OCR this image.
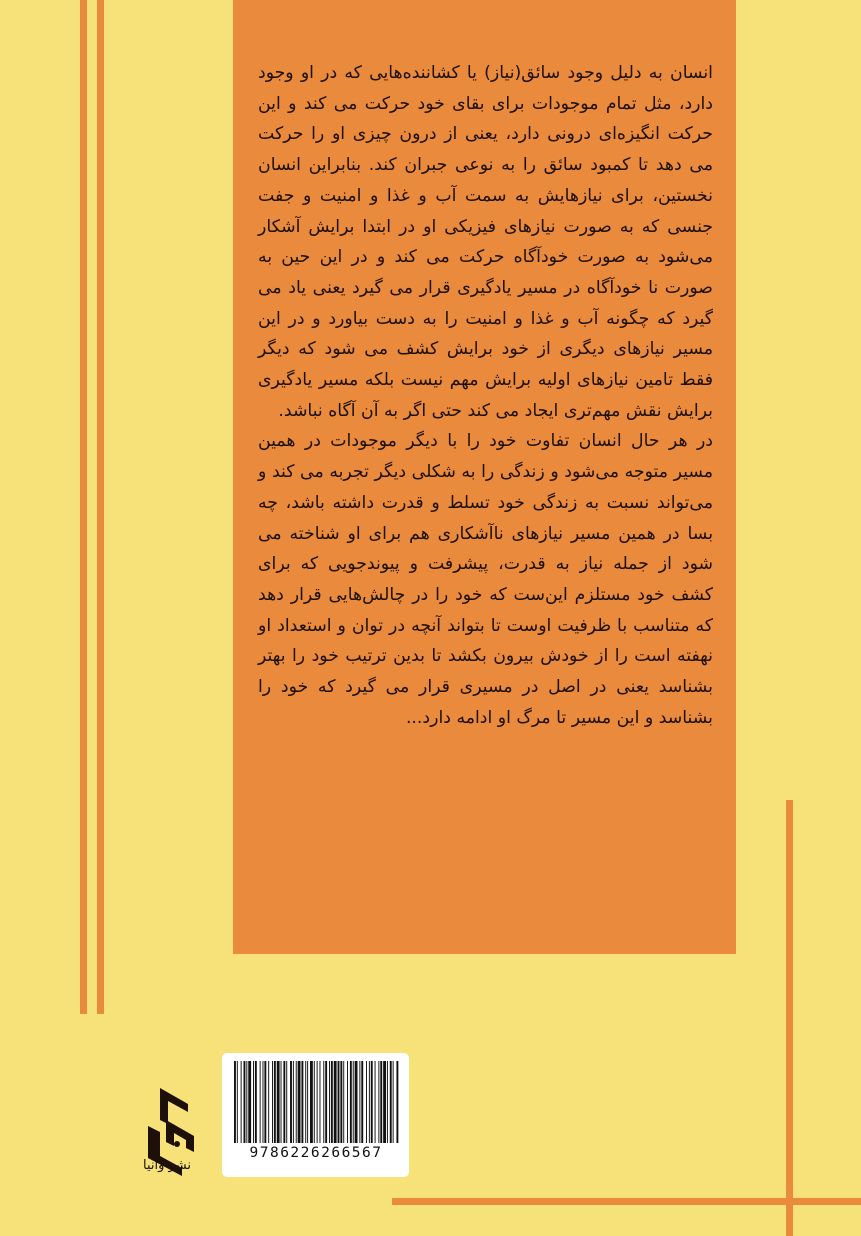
انسان به دلیل وجود سائق(نیاز) یا کشاننده‌هایی که در او وجود دارد، مثل تمام موجودات برای بقای خود حرکت می کند و این حرکت انگیزه‌ای درونی دارد، یعنی از درون چیزی او را حرکت می دهد تا کمبود سائق را به نوعی جبران کند. بنابراین انسان نخستین، برای نیازهایش به سمت آب و غذا و امنیت و جفت جنسی که به صورت نیازهای فیزیکی او در ابتدا برایش آشکار می‌شود به صورت خودآگاه حرکت می کند و در این حین به صورت نا خودآگاه در مسیر یادگیری قرار می گیرد یعنی یاد می گیرد که چگونه آب و غذا و امنیت را به دست بیاورد و در این مسیر نیازهای دیگری از خود برایش کشف می شود که دیگر فقط تامین نیازهای اولیه برایش مهم نیست بلکه مسیر یادگیری برایش نقش مهم‌تری ایجاد می کند حتی اگر به آن آگاه نباشد.

در هر حال انسان تفاوت خود را با دیگر موجودات در همین مسیر متوجه می‌شود و زندگی را به شکلی دیگر تجربه می کند و می‌تواند نسبت به زندگی خود تسلط و قدرت داشته باشد، چه بسا در همین مسیر نیازهای ناآشکاری هم برای او شناخته می شود از جمله نیاز به قدرت، پیشرفت و پیوندجویی که برای کشف خود مستلزم این‌ست که خود را در چالش‌هایی قرار دهد که متناسب با ظرفیت اوست تا بتواند آنچه در توان و استعداد او نهفته است را از خودش بیرون بکشد تا بدین ترتیب خود را بهتر بشناسد یعنی در اصل در مسیری قرار می گیرد که خود را بشناسد و این مسیر تا مرگ او ادامه دارد...

9786226266567
نشر وانیا
